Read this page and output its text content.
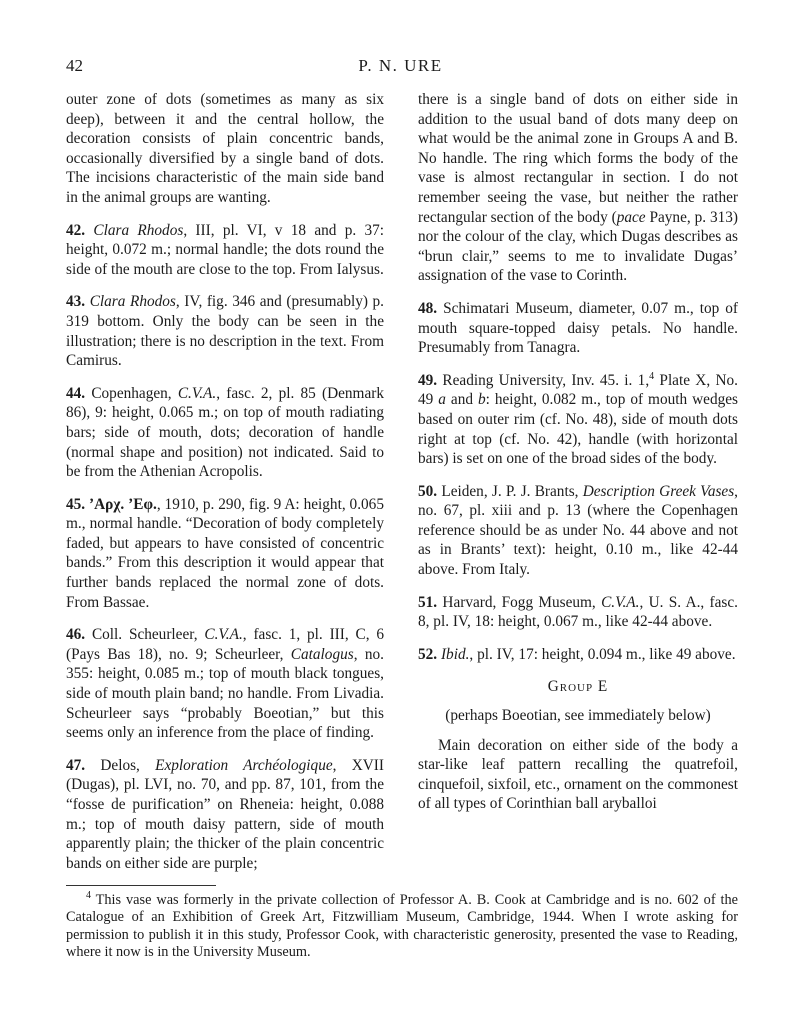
42	P. N. URE

outer zone of dots (sometimes as many as six deep), between it and the central hollow, the decoration consists of plain concentric bands, occasionally diversified by a single band of dots. The incisions characteristic of the main side band in the animal groups are wanting.

42. Clara Rhodos, III, pl. VI, v 18 and p. 37: height, 0.072 m.; normal handle; the dots round the side of the mouth are close to the top. From Ialysus.

43. Clara Rhodos, IV, fig. 346 and (presumably) p. 319 bottom. Only the body can be seen in the illustration; there is no description in the text. From Camirus.

44. Copenhagen, C.V.A., fasc. 2, pl. 85 (Denmark 86), 9: height, 0.065 m.; on top of mouth radiating bars; side of mouth, dots; decoration of handle (normal shape and position) not indicated. Said to be from the Athenian Acropolis.

45. ’Αρχ. ’Εφ., 1910, p. 290, fig. 9 A: height, 0.065 m., normal handle. “Decoration of body completely faded, but appears to have consisted of concentric bands.” From this description it would appear that further bands replaced the normal zone of dots. From Bassae.

46. Coll. Scheurleer, C.V.A., fasc. 1, pl. III, C, 6 (Pays Bas 18), no. 9; Scheurleer, Catalogus, no. 355: height, 0.085 m.; top of mouth black tongues, side of mouth plain band; no handle. From Livadia. Scheurleer says “probably Boeotian,” but this seems only an inference from the place of finding.

47. Delos, Exploration Archéologique, XVII (Dugas), pl. LVI, no. 70, and pp. 87, 101, from the “fosse de purification” on Rheneia: height, 0.088 m.; top of mouth daisy pattern, side of mouth apparently plain; the thicker of the plain concentric bands on either side are purple;

there is a single band of dots on either side in addition to the usual band of dots many deep on what would be the animal zone in Groups A and B. No handle. The ring which forms the body of the vase is almost rectangular in section. I do not remember seeing the vase, but neither the rather rectangular section of the body (pace Payne, p. 313) nor the colour of the clay, which Dugas describes as “brun clair,” seems to me to invalidate Dugas’ assignation of the vase to Corinth.

48. Schimatari Museum, diameter, 0.07 m., top of mouth square-topped daisy petals. No handle. Presumably from Tanagra.

49. Reading University, Inv. 45. i. 1,$^4$ Plate X, No. 49 a and b: height, 0.082 m., top of mouth wedges based on outer rim (cf. No. 48), side of mouth dots right at top (cf. No. 42), handle (with horizontal bars) is set on one of the broad sides of the body.

50. Leiden, J. P. J. Brants, Description Greek Vases, no. 67, pl. xiii and p. 13 (where the Copenhagen reference should be as under No. 44 above and not as in Brants’ text): height, 0.10 m., like 42-44 above. From Italy.

51. Harvard, Fogg Museum, C.V.A., U. S. A., fasc. 8, pl. IV, 18: height, 0.067 m., like 42-44 above.

52. Ibid., pl. IV, 17: height, 0.094 m., like 49 above.

Group E
(perhaps Boeotian, see immediately below)

Main decoration on either side of the body a star-like leaf pattern recalling the quatrefoil, cinquefoil, sixfoil, etc., ornament on the commonest of all types of Corinthian ball aryballoi

$^4$ This vase was formerly in the private collection of Professor A. B. Cook at Cambridge and is no. 602 of the Catalogue of an Exhibition of Greek Art, Fitzwilliam Museum, Cambridge, 1944. When I wrote asking for permission to publish it in this study, Professor Cook, with characteristic generosity, presented the vase to Reading, where it now is in the University Museum.
